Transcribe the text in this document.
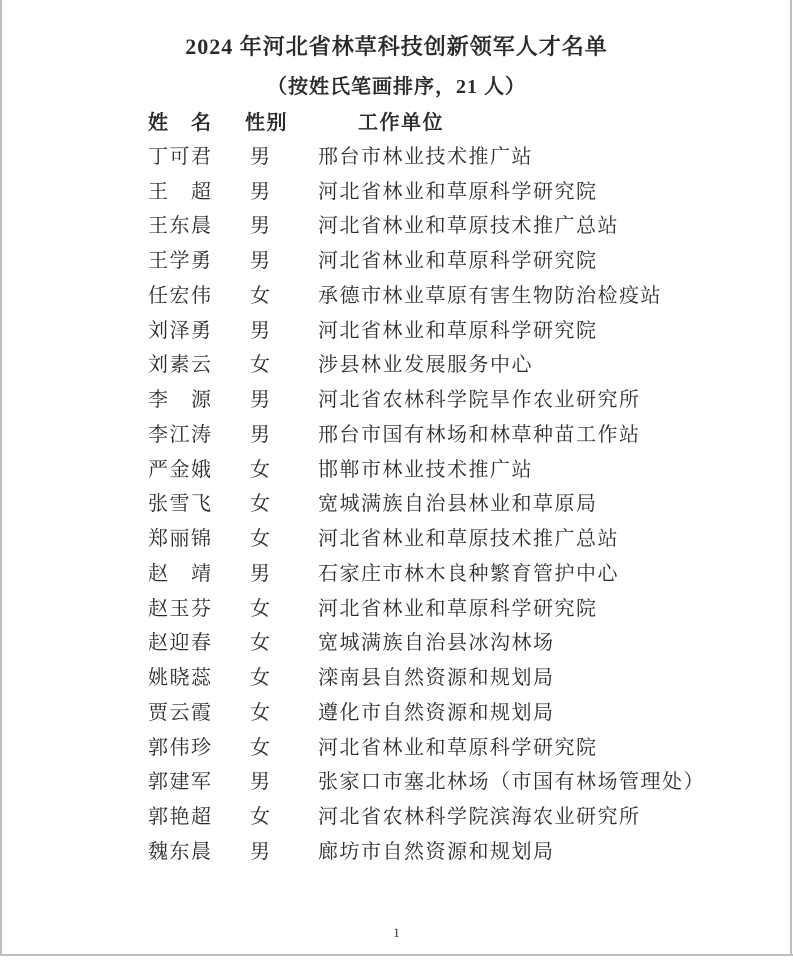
2024 年河北省林草科技创新领军人才名单
（按姓氏笔画排序，21 人）
姓　名	性别	工作单位
丁可君	男	邢台市林业技术推广站
王　超	男	河北省林业和草原科学研究院
王东晨	男	河北省林业和草原技术推广总站
王学勇	男	河北省林业和草原科学研究院
任宏伟	女	承德市林业草原有害生物防治检疫站
刘泽勇	男	河北省林业和草原科学研究院
刘素云	女	涉县林业发展服务中心
李　源	男	河北省农林科学院旱作农业研究所
李江涛	男	邢台市国有林场和林草种苗工作站
严金娥	女	邯郸市林业技术推广站
张雪飞	女	宽城满族自治县林业和草原局
郑丽锦	女	河北省林业和草原技术推广总站
赵　靖	男	石家庄市林木良种繁育管护中心
赵玉芬	女	河北省林业和草原科学研究院
赵迎春	女	宽城满族自治县冰沟林场
姚晓蕊	女	滦南县自然资源和规划局
贾云霞	女	遵化市自然资源和规划局
郭伟珍	女	河北省林业和草原科学研究院
郭建军	男	张家口市塞北林场（市国有林场管理处）
郭艳超	女	河北省农林科学院滨海农业研究所
魏东晨	男	廊坊市自然资源和规划局
1
